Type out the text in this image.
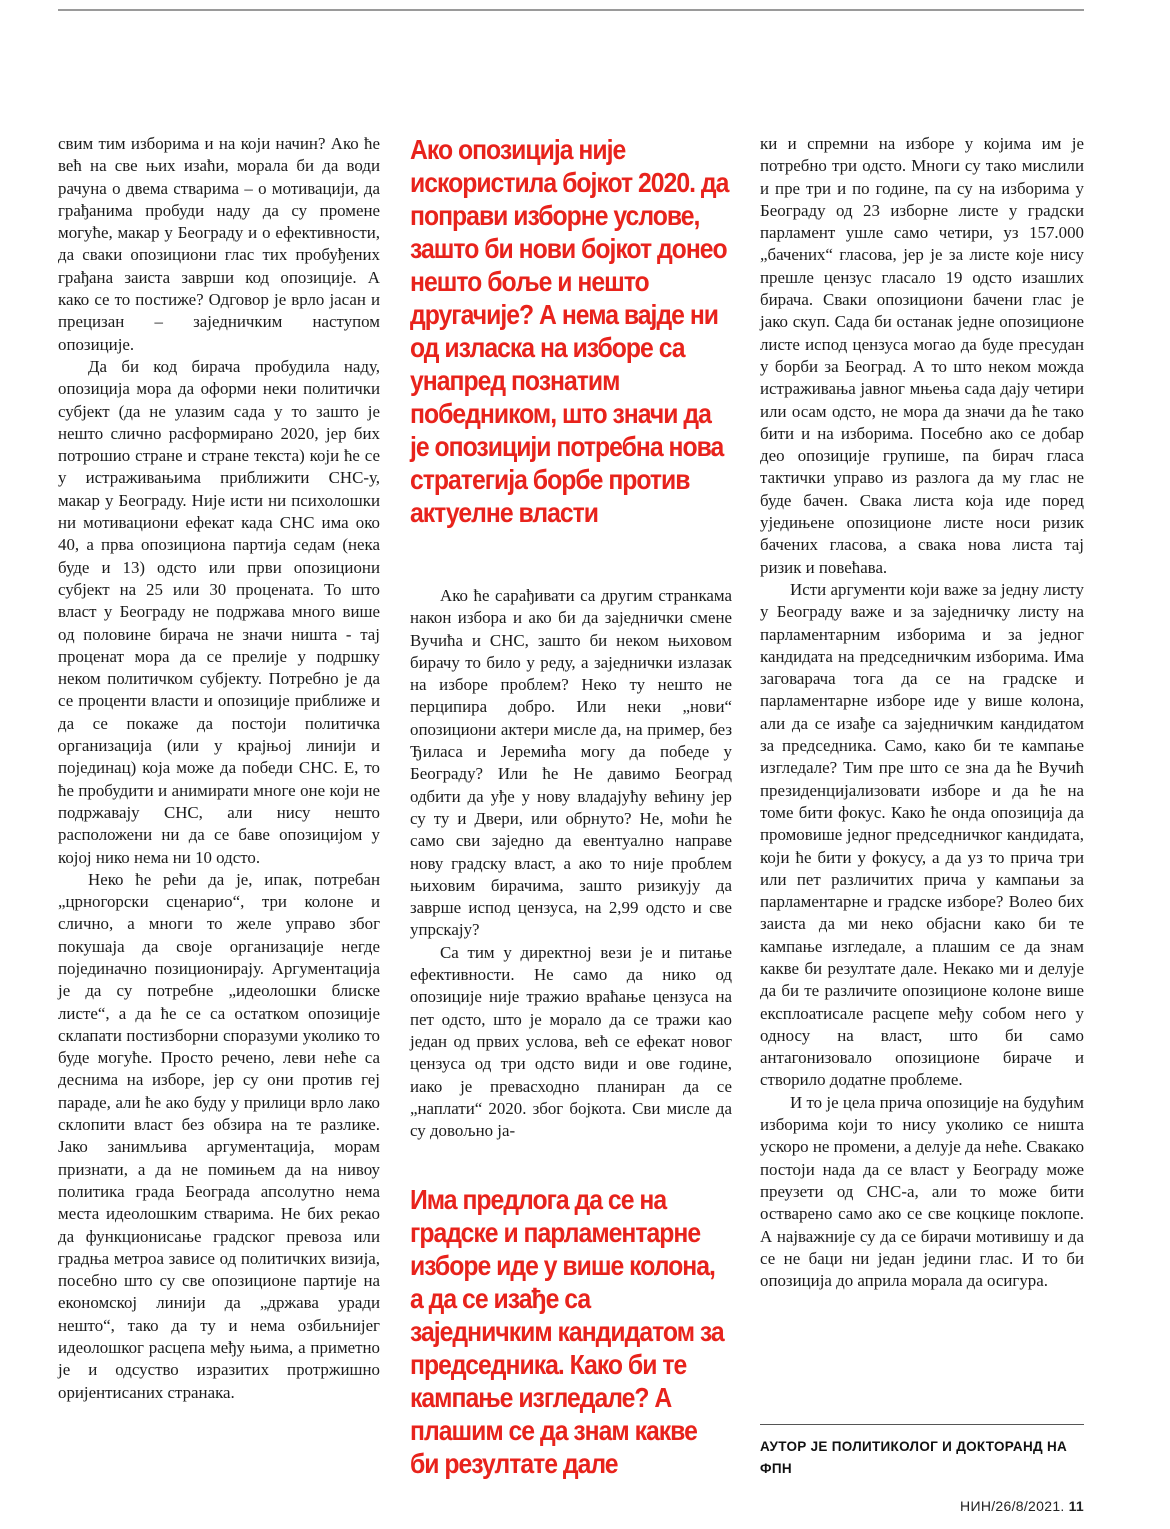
свим тим изборима и на који начин? Ако ће већ на све њих изаћи, морала би да води рачуна о двема стварима – о мотивацији, да грађанима пробуди наду да су промене могуће, макар у Београду и о ефективности, да сваки опозициони глас тих пробуђених грађана заиста заврши код опозиције. А како се то постиже? Одговор је врло јасан и прецизан – заједничким наступом опозиције.

Да би код бирача пробудила наду, опозиција мора да оформи неки политички субјект (да не улазим сада у то зашто је нешто слично расформирано 2020, јер бих потрошио стране и стране текста) који ће се у истраживањима приближити СНС-у, макар у Београду. Није исти ни психолошки ни мотивациони ефекат када СНС има око 40, а прва опозициона партија седам (нека буде и 13) одсто или први опозициони субјект на 25 или 30 процената. То што власт у Београду не подржава много више од половине бирача не значи ништа - тај проценат мора да се прелије у подршку неком политичком субјекту. Потребно је да се проценти власти и опозиције приближе и да се покаже да постоји политичка организација (или у крајњој линији и појединац) која може да победи СНС. Е, то ће пробудити и анимирати многе оне који не подржавају СНС, али нису нешто расположени ни да се баве опозицијом у којој нико нема ни 10 одсто.

Неко ће рећи да је, ипак, потребан „црногорски сценарио“, три колоне и слично, а многи то желе управо због покушаја да своје организације негде појединачно позиционирају. Аргументација је да су потребне „идеолошки блиске листе“, а да ће се са остатком опозиције склапати постизборни споразуми уколико то буде могуће. Просто речено, леви неће са деснима на изборе, јер су они против геј параде, али ће ако буду у прилици врло лако склопити власт без обзира на те разлике. Јако занимљива аргументација, морам признати, а да не помињем да на нивоу политика града Београда апсолутно нема места идеолошким стварима. Не бих рекао да функционисање градског превоза или градња метроа зависе од политичких визија, посебно што су све опозиционе партије на економској линији да „држава уради нешто“, тако да ту и нема озбиљнијег идеолошког расцепа међу њима, а приметно је и одсуство изразитих протржишно оријентисаних странака.

Ако опозиција није искористила бојкот 2020. да поправи изборне услове, зашто би нови бојкот донео нешто боље и нешто другачије? А нема вајде ни од изласка на изборе са унапред познатим победником, што значи да је опозицији потребна нова стратегија борбе против актуелне власти

Ако ће сарађивати са другим странкама након избора и ако би да заједнички смене Вучића и СНС, зашто би неком њиховом бирачу то било у реду, а заједнички излазак на изборе проблем? Неко ту нешто не перципира добро. Или неки „нови“ опозициони актери мисле да, на пример, без Ђиласа и Јеремића могу да победе у Београду? Или ће Не давимо Београд одбити да уђе у нову владајућу већину јер су ту и Двери, или обрнуто? Не, моћи ће само сви заједно да евентуално направе нову градску власт, а ако то није проблем њиховим бирачима, зашто ризикују да заврше испод цензуса, на 2,99 одсто и све упрскају?

Са тим у директној вези је и питање ефективности. Не само да нико од опозиције није тражио враћање цензуса на пет одсто, што је морало да се тражи као један од првих услова, већ се ефекат новог цензуса од три одсто види и ове године, иако је превасходно планиран да се „наплати“ 2020. због бојкота. Сви мисле да су довољно ја-

Има предлога да се на градске и парламентарне изборе иде у више колона, а да се изађе са заједничким кандидатом за председника. Како би те кампање изгледале? А плашим се да знам какве би резултате дале

ки и спремни на изборе у којима им је потребно три одсто. Многи су тако мислили и пре три и по године, па су на изборима у Београду од 23 изборне листе у градски парламент ушле само четири, уз 157.000 „бачених“ гласова, јер је за листе које нису прешле цензус гласало 19 одсто изашлих бирача. Сваки опозициони бачени глас је јако скуп. Сада би останак једне опозиционе листе испод цензуса могао да буде пресудан у борби за Београд. А то што неком можда истраживања јавног мњења сада дају четири или осам одсто, не мора да значи да ће тако бити и на изборима. Посебно ако се добар део опозиције групише, па бирач гласа тактички управо из разлога да му глас не буде бачен. Свака листа која иде поред уједињене опозиционе листе носи ризик бачених гласова, а свака нова листа тај ризик и повећава.

Исти аргументи који важе за једну листу у Београду важе и за заједничку листу на парламентарним изборима и за једног кандидата на председничким изборима. Има заговарача тога да се на градске и парламентарне изборе иде у више колона, али да се изађе са заједничким кандидатом за председника. Само, како би те кампање изгледале? Тим пре што се зна да ће Вучић президенцијализовати изборе и да ће на томе бити фокус. Како ће онда опозиција да промовише једног председничког кандидата, који ће бити у фокусу, а да уз то прича три или пет различитих прича у кампањи за парламентарне и градске изборе? Волео бих заиста да ми неко објасни како би те кампање изгледале, а плашим се да знам какве би резултате дале. Некако ми и делује да би те различите опозиционе колоне више експлоатисале расцепе међу собом него у односу на власт, што би само антагонизовало опозиционе бираче и створило додатне проблеме.

И то је цела прича опозиције на будућим изборима који то нису уколико се ништа ускоро не промени, а делује да неће. Свакако постоји нада да се власт у Београду може преузети од СНС-а, али то може бити остварено само ако се све коцкице поклопе. А најважније су да се бирачи мотивишу и да се не баци ни један једини глас. И то би опозиција до априла морала да осигура.

АУТОР ЈЕ ПОЛИТИКОЛОГ И ДОКТОРАНД НА ФПН
НИН/26/8/2021. 11
